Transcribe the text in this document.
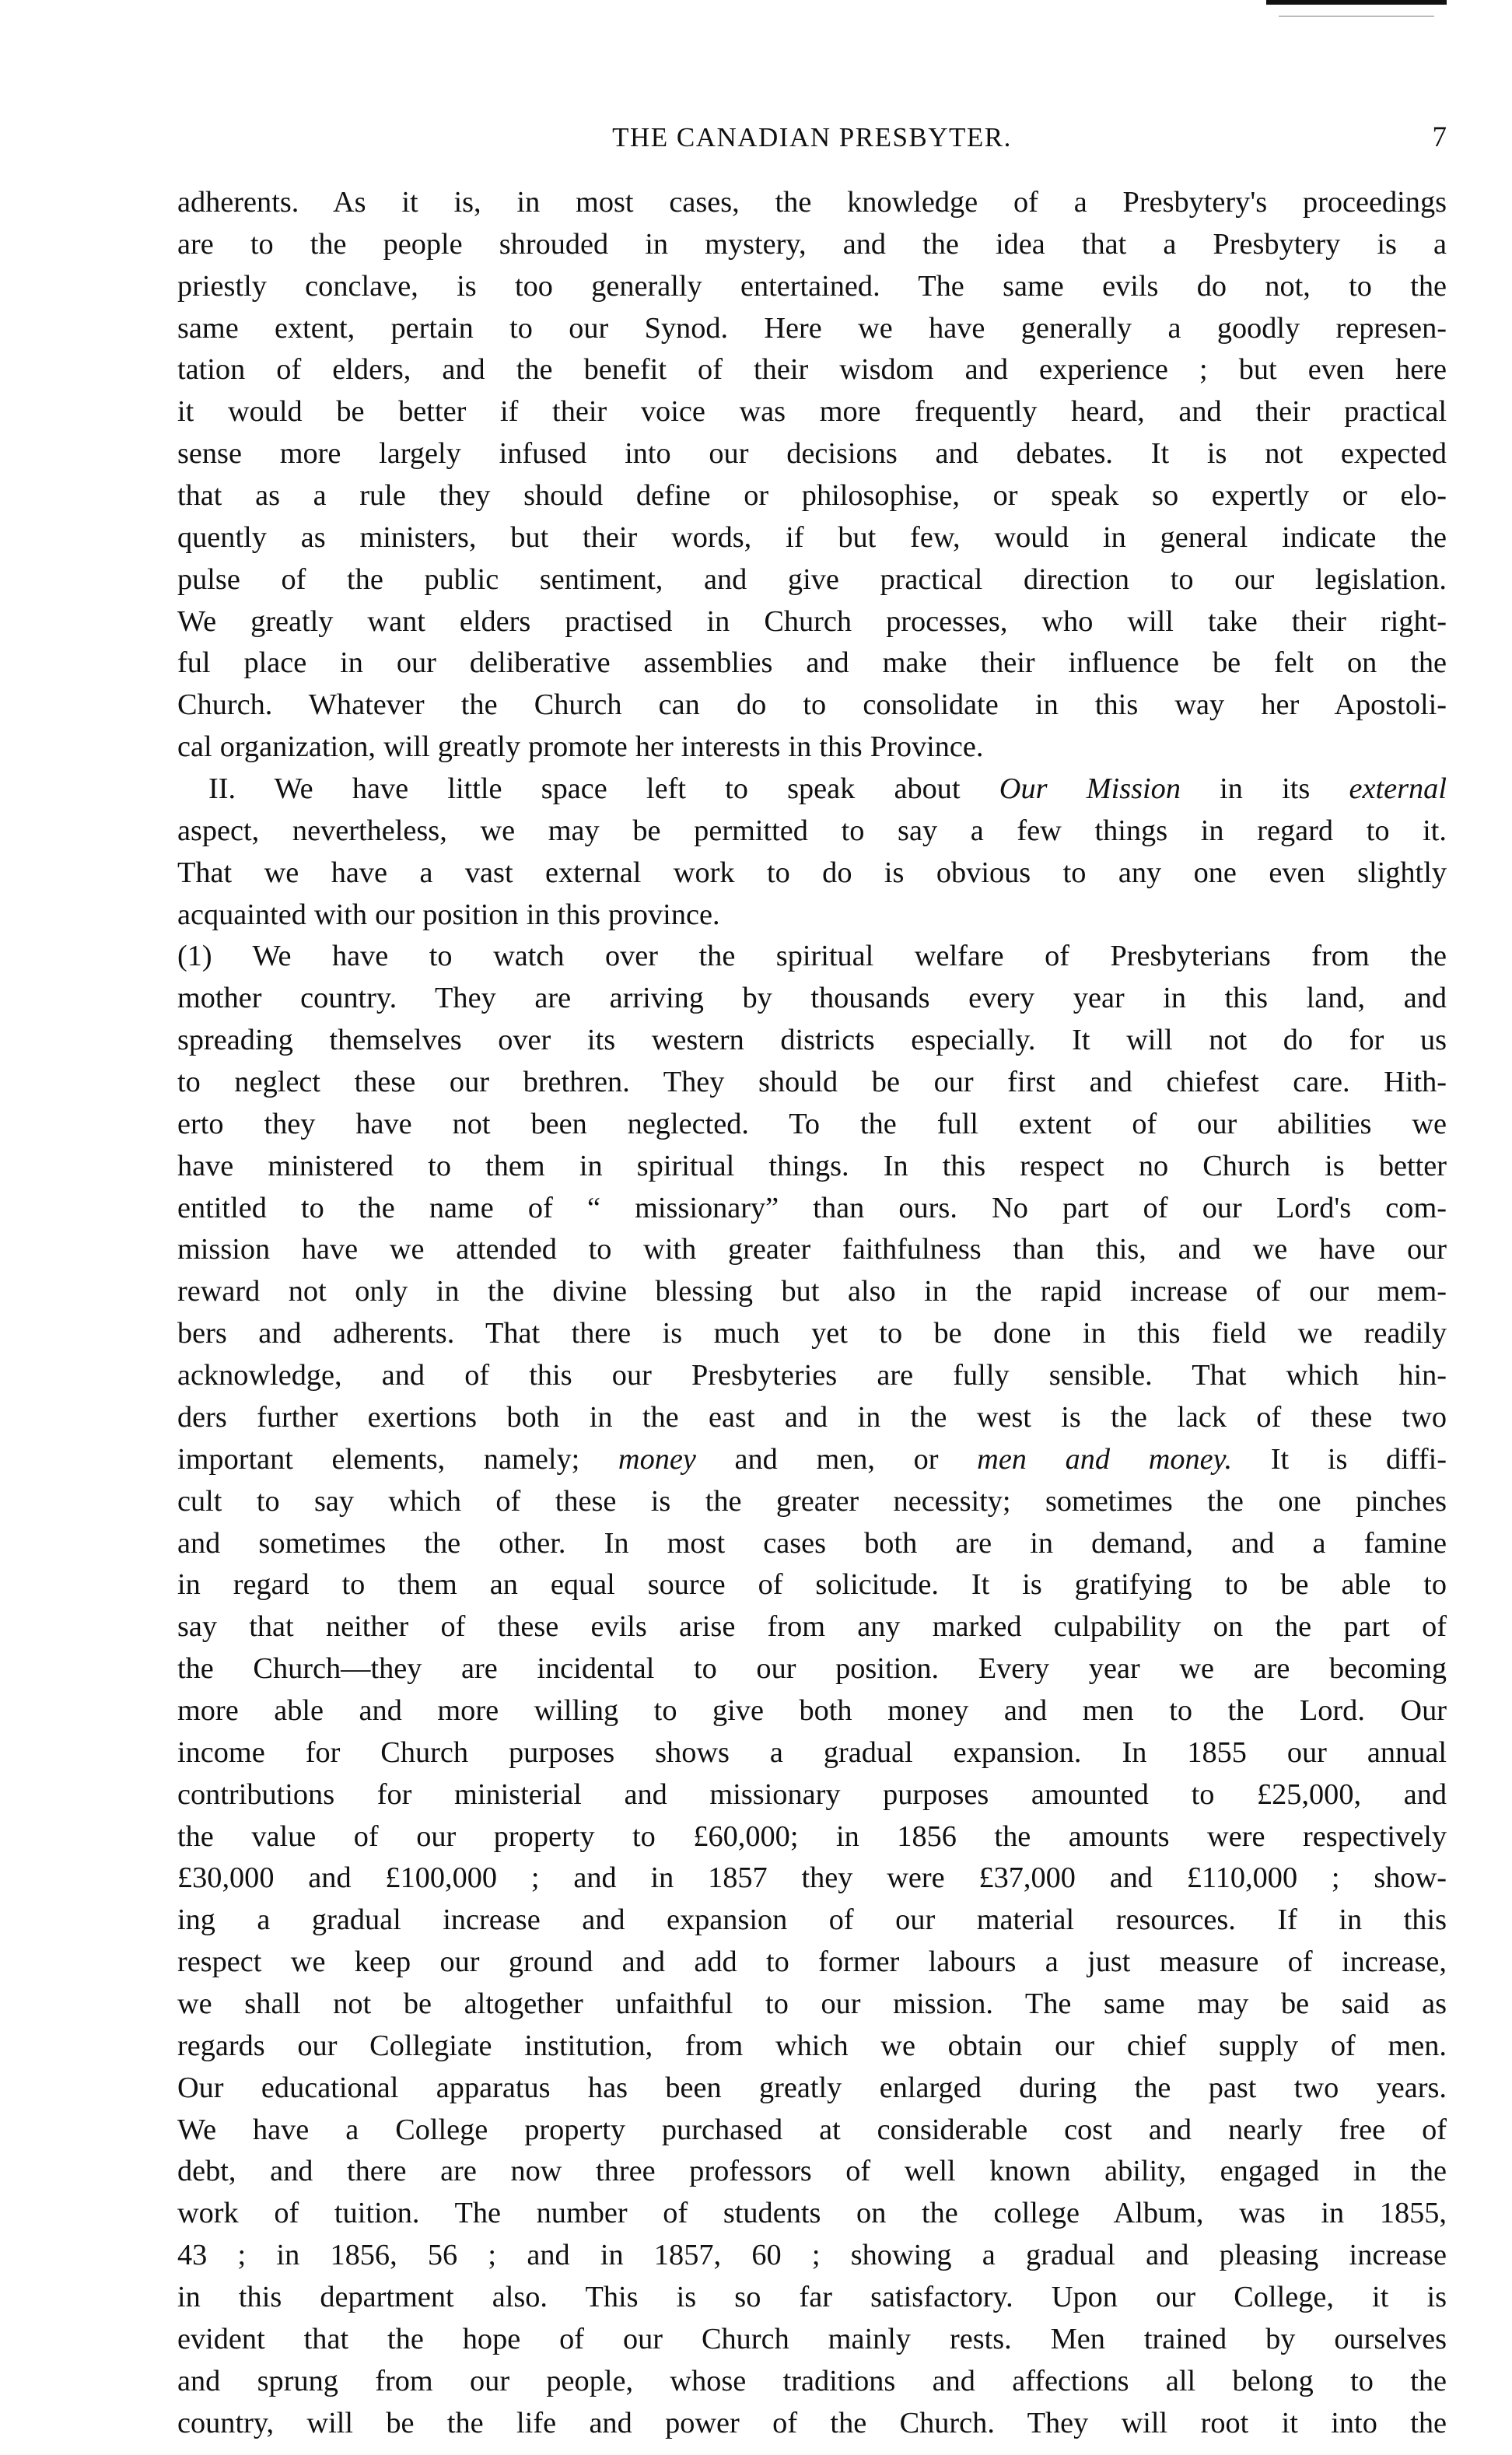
THE CANADIAN PRESBYTER.	7

adherents. As it is, in most cases, the knowledge of a Presbytery's proceedings

are to the people shrouded in mystery, and the idea that a Presbytery is a

priestly conclave, is too generally entertained. The same evils do not, to the

same extent, pertain to our Synod. Here we have generally a goodly represen-

tation of elders, and the benefit of their wisdom and experience ; but even here

it would be better if their voice was more frequently heard, and their practical

sense more largely infused into our decisions and debates. It is not expected

that as a rule they should define or philosophise, or speak so expertly or elo-

quently as ministers, but their words, if but few, would in general indicate the

pulse of the public sentiment, and give practical direction to our legislation.

We greatly want elders practised in Church processes, who will take their right-

ful place in our deliberative assemblies and make their influence be felt on the

Church. Whatever the Church can do to consolidate in this way her Apostoli-

cal organization, will greatly promote her interests in this Province.

II. We have little space left to speak about Our Mission in its external

aspect, nevertheless, we may be permitted to say a few things in regard to it.

That we have a vast external work to do is obvious to any one even slightly

acquainted with our position in this province.

(1) We have to watch over the spiritual welfare of Presbyterians from the

mother country. They are arriving by thousands every year in this land, and

spreading themselves over its western districts especially. It will not do for us

to neglect these our brethren. They should be our first and chiefest care. Hith-

erto they have not been neglected. To the full extent of our abilities we

have ministered to them in spiritual things. In this respect no Church is better

entitled to the name of “ missionary” than ours. No part of our Lord's com-

mission have we attended to with greater faithfulness than this, and we have our

reward not only in the divine blessing but also in the rapid increase of our mem-

bers and adherents. That there is much yet to be done in this field we readily

acknowledge, and of this our Presbyteries are fully sensible. That which hin-

ders further exertions both in the east and in the west is the lack of these two

important elements, namely; money and men, or men and money. It is diffi-

cult to say which of these is the greater necessity; sometimes the one pinches

and sometimes the other. In most cases both are in demand, and a famine

in regard to them an equal source of solicitude. It is gratifying to be able to

say that neither of these evils arise from any marked culpability on the part of

the Church—they are incidental to our position. Every year we are becoming

more able and more willing to give both money and men to the Lord. Our

income for Church purposes shows a gradual expansion. In 1855 our annual

contributions for ministerial and missionary purposes amounted to £25,000, and

the value of our property to £60,000; in 1856 the amounts were respectively

£30,000 and £100,000 ; and in 1857 they were £37,000 and £110,000 ; show-

ing a gradual increase and expansion of our material resources. If in this

respect we keep our ground and add to former labours a just measure of increase,

we shall not be altogether unfaithful to our mission. The same may be said as

regards our Collegiate institution, from which we obtain our chief supply of men.

Our educational apparatus has been greatly enlarged during the past two years.

We have a College property purchased at considerable cost and nearly free of

debt, and there are now three professors of well known ability, engaged in the

work of tuition. The number of students on the college Album, was in 1855,

43 ; in 1856, 56 ; and in 1857, 60 ; showing a gradual and pleasing increase

in this department also. This is so far satisfactory. Upon our College, it is

evident that the hope of our Church mainly rests. Men trained by ourselves

and sprung from our people, whose traditions and affections all belong to the

country, will be the life and power of the Church. They will root it into the
